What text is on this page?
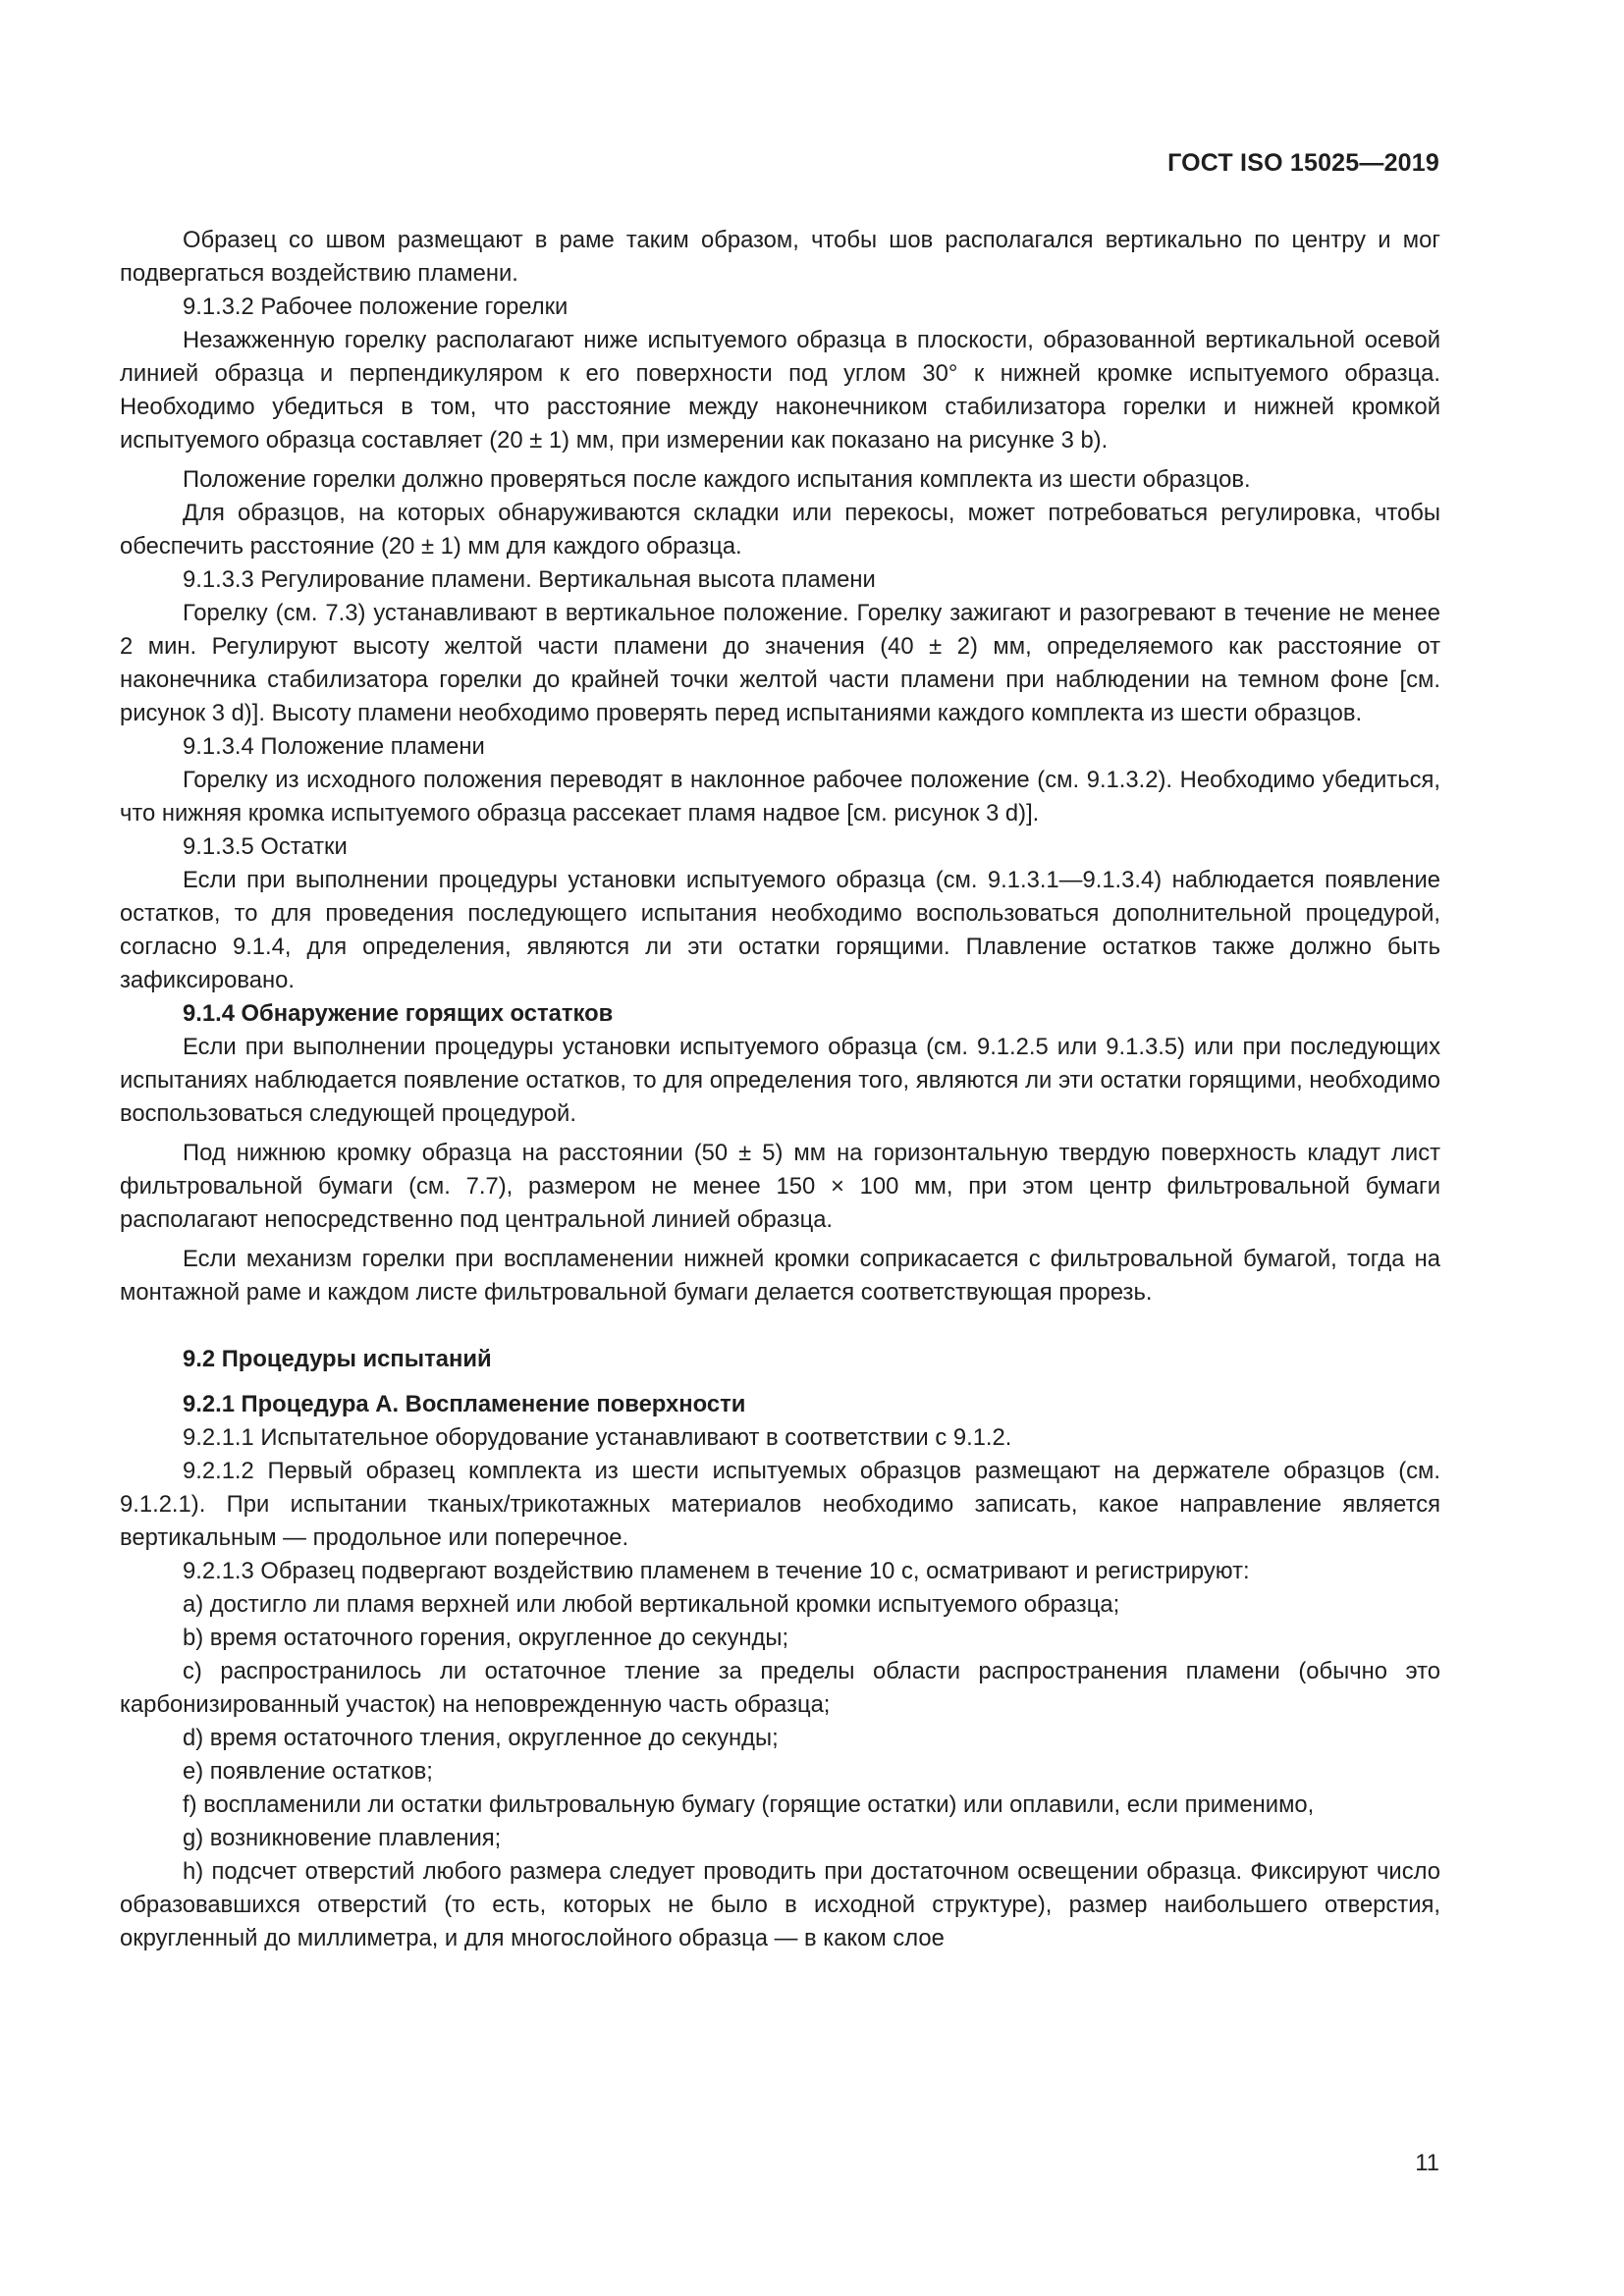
ГОСТ ISO 15025—2019

Образец со швом размещают в раме таким образом, чтобы шов располагался вертикально по центру и мог подвергаться воздействию пламени.

9.1.3.2 Рабочее положение горелки

Незажженную горелку располагают ниже испытуемого образца в плоскости, образованной вертикальной осевой линией образца и перпендикуляром к его поверхности под углом 30° к нижней кромке испытуемого образца. Необходимо убедиться в том, что расстояние между наконечником стабилизатора горелки и нижней кромкой испытуемого образца составляет (20 ± 1) мм, при измерении как показано на рисунке 3 b).

Положение горелки должно проверяться после каждого испытания комплекта из шести образцов.

Для образцов, на которых обнаруживаются складки или перекосы, может потребоваться регулировка, чтобы обеспечить расстояние (20 ± 1) мм для каждого образца.

9.1.3.3 Регулирование пламени. Вертикальная высота пламени

Горелку (см. 7.3) устанавливают в вертикальное положение. Горелку зажигают и разогревают в течение не менее 2 мин. Регулируют высоту желтой части пламени до значения (40 ± 2) мм, определяемого как расстояние от наконечника стабилизатора горелки до крайней точки желтой части пламени при наблюдении на темном фоне [см. рисунок 3 d)]. Высоту пламени необходимо проверять перед испытаниями каждого комплекта из шести образцов.

9.1.3.4 Положение пламени

Горелку из исходного положения переводят в наклонное рабочее положение (см. 9.1.3.2). Необходимо убедиться, что нижняя кромка испытуемого образца рассекает пламя надвое [см. рисунок 3 d)].

9.1.3.5 Остатки

Если при выполнении процедуры установки испытуемого образца (см. 9.1.3.1—9.1.3.4) наблюдается появление остатков, то для проведения последующего испытания необходимо воспользоваться дополнительной процедурой, согласно 9.1.4, для определения, являются ли эти остатки горящими. Плавление остатков также должно быть зафиксировано.

9.1.4 Обнаружение горящих остатков

Если при выполнении процедуры установки испытуемого образца (см. 9.1.2.5 или 9.1.3.5) или при последующих испытаниях наблюдается появление остатков, то для определения того, являются ли эти остатки горящими, необходимо воспользоваться следующей процедурой.

Под нижнюю кромку образца на расстоянии (50 ± 5) мм на горизонтальную твердую поверхность кладут лист фильтровальной бумаги (см. 7.7), размером не менее 150 × 100 мм, при этом центр фильтровальной бумаги располагают непосредственно под центральной линией образца.

Если механизм горелки при воспламенении нижней кромки соприкасается с фильтровальной бумагой, тогда на монтажной раме и каждом листе фильтровальной бумаги делается соответствующая прорезь.

9.2 Процедуры испытаний

9.2.1 Процедура А. Воспламенение поверхности

9.2.1.1 Испытательное оборудование устанавливают в соответствии с 9.1.2.

9.2.1.2 Первый образец комплекта из шести испытуемых образцов размещают на держателе образцов (см. 9.1.2.1). При испытании тканых/трикотажных материалов необходимо записать, какое направление является вертикальным — продольное или поперечное.

9.2.1.3 Образец подвергают воздействию пламенем в течение 10 с, осматривают и регистрируют:

a) достигло ли пламя верхней или любой вертикальной кромки испытуемого образца;

b) время остаточного горения, округленное до секунды;

c) распространилось ли остаточное тление за пределы области распространения пламени (обычно это карбонизированный участок) на неповрежденную часть образца;

d) время остаточного тления, округленное до секунды;

e) появление остатков;

f) воспламенили ли остатки фильтровальную бумагу (горящие остатки) или оплавили, если применимо,

g) возникновение плавления;

h) подсчет отверстий любого размера следует проводить при достаточном освещении образца. Фиксируют число образовавшихся отверстий (то есть, которых не было в исходной структуре), размер наибольшего отверстия, округленный до миллиметра, и для многослойного образца — в каком слое

11
